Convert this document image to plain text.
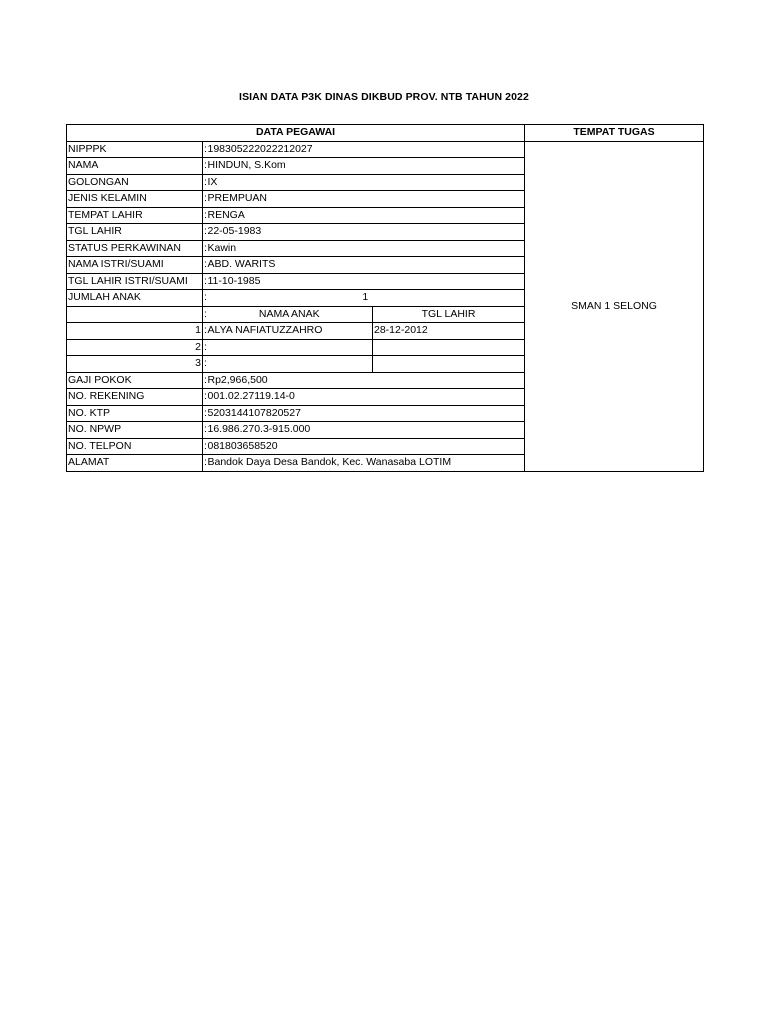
ISIAN DATA P3K DINAS DIKBUD PROV. NTB TAHUN 2022
DATA PEGAWAI				TEMPAT TUGAS
NIPPPK	:	198305222022212027		SMAN 1 SELONG
NAMA	:	HINDUN, S.Kom		
GOLONGAN	:	IX		
JENIS KELAMIN	:	PREMPUAN		
TEMPAT LAHIR	:	RENGA		
TGL LAHIR	:	22-05-1983		
STATUS PERKAWINAN	:	Kawin		
NAMA ISTRI/SUAMI	:	ABD. WARITS		
TGL LAHIR ISTRI/SUAMI	:	11-10-1985		
JUMLAH ANAK	:	1		
	:	NAMA ANAK	TGL LAHIR	
1	:	ALYA NAFIATUZZAHRO	28-12-2012	
2	:			
3	:			
GAJI POKOK	:	Rp2,966,500		
NO. REKENING	:	001.02.27119.14-0		
NO. KTP	:	5203144107820527		
NO. NPWP	:	16.986.270.3-915.000		
NO. TELPON	:	081803658520		
ALAMAT	:	Bandok Daya Desa Bandok, Kec. Wanasaba LOTIM		
